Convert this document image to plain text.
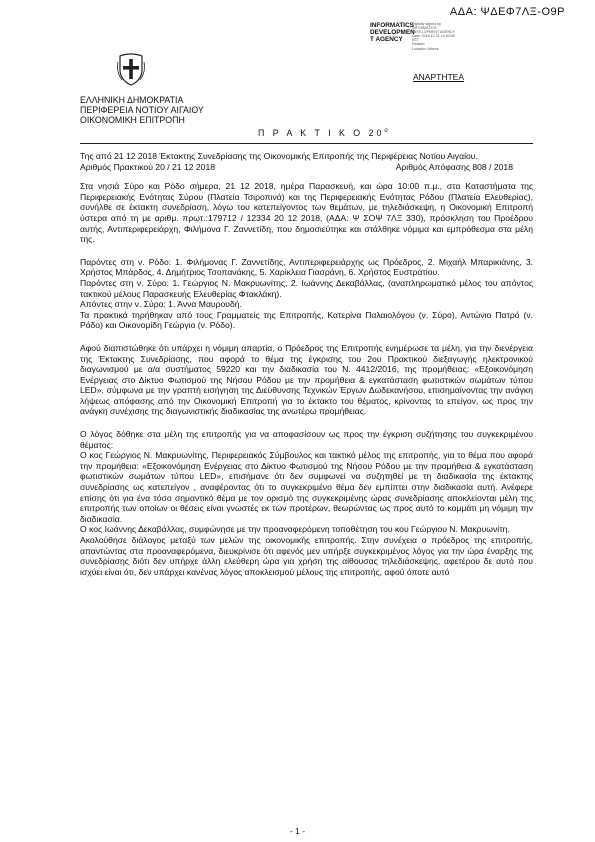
ΑΔΑ: ΨΔΕΦ7ΛΞ-Ο9Ρ
INFORMATICS
DEVELOPMEN
T AGENCY
Digitally signed by
INFORMATICS
DEVELOPMENT AGENCY
Date: 2018.12.31 14:30:08
EET
Reason:
Location: Athens
ΑΝΑΡΤΗΤΕΑ
ΕΛΛΗΝΙΚΗ ΔΗΜΟΚΡΑΤΙΑ
ΠΕΡΙΦΕΡΕΙΑ ΝΟΤΙΟΥ ΑΙΓΑΙΟΥ
ΟΙΚΟΝΟΜΙΚΗ ΕΠΙΤΡΟΠΗ
Π Ρ Α Κ Τ Ι Κ Ο $20^o$

Της από 21 12 2018 Έκτακτης Συνεδρίασης της Οικονομικής Επιτροπής της Περιφέρειας Νοτίου Αιγαίου.

Αριθμός Πρακτικού 20 / 21 12 2018	Αριθμός Απόφασης 808 / 2018

Στα νησιά Σύρο και Ρόδο σήμερα, 21 12 2018, ημέρα Παρασκευή, και ώρα 10:00 π.μ., στα Καταστήματα της Περιφερειακής Ενότητας Σύρου (Πλατεία Τσιροπινά) και της Περιφερειακής Ενότητας Ρόδου (Πλατεία Ελευθερίας), συνήλθε σε έκτακτη συνεδρίαση, λόγω του κατεπείγοντος των θεμάτων, με τηλεδιάσκεψη, η Οικονομική Επιτροπή ύστερα από τη με αριθμ. πρωτ.:179712 / 12334 20 12 2018, (ΑΔΑ: Ψ ΣΟΨ 7ΛΞ 330), πρόσκληση του Προέδρου αυτής, Αντιπεριφερειάρχη, Φιλήμονα Γ. Ζαννετίδη, που δημοσιεύτηκε και στάλθηκε νόμιμα και εμπρόθεσμα στα μέλη της.

Παρόντες στη ν. Ρόδο: 1. Φιλήμονας Γ. Ζαννετίδης, Αντιπεριφερειάρχης ως Πρόεδρος, 2. Μιχαήλ Μπαρικιάνης, 3. Χρήστος Μπάρδος, 4. Δημήτριος Τσοπανάκης, 5. Χαρίκλεια Γιασράνη, 6. Χρήστος Ευστρατίου.

Παρόντες στη ν. Σύρο: 1. Γεώργιος Ν. Μακρυωνίτης, 2. Ιωάννης Δεκαβάλλας, (αναπληρωματικό μέλος του απόντος τακτικού μέλους Παρασκευής Ελευθερίας Φτακλάκη).

Απόντες στην ν. Σύρο: 1. Άννα Μαυρουδή.

Τα πρακτικά τηρήθηκαν από τους Γραμματείς της Επιτροπής, Κατερίνα Παλαιολόγου (ν. Σύρο), Αντώνιο Πατρό (ν. Ρόδο) και Οικονομίδη Γεώργιο (ν. Ρόδο).

Αφού διαπιστώθηκε ότι υπάρχει η νόμιμη απαρτία, ο Πρόεδρος της Επιτροπής ενημέρωσε τα μέλη, για την διενέργεια της Έκτακτης Συνεδρίασης, που αφορά το θέμα της έγκρισης του 2ου Πρακτικού διεξαγωγής ηλεκτρονικού διαγωνισμού με α/α συστήματος 59220 και την διαδικασία του Ν. 4412/2016, της προμήθειας: «Εξοικονόμηση Ενέργειας στο Δίκτυο Φωτισμού της Νήσου Ρόδου με την προμήθεια & εγκατάσταση φωτιστικών σωμάτων τύπου LED», σύμφωνα με την γραπτή εισήγηση της Διεύθυνσης Τεχνικών Έργων Δωδεκανήσου, επισημαίνοντας την ανάγκη λήψεως απόφασης από την Οικονομική Επιτροπή για το έκτακτο του θέματος, κρίνοντας το επείγον, ως προς την ανάγκη συνέχισης της διαγωνιστικής διαδικασίας της ανωτέρω προμήθειας.

Ο λόγος δόθηκε στα μέλη της επιτροπής για να αποφασίσουν ως προς την έγκριση συζήτησης του συγκεκριμένου θέματος:

Ο κος Γεώργιος Ν. Μακρυωνίτης, Περιφερειακός Σύμβουλος και τακτικό μέλος της επιτροπής, για το θέμα που αφορά την προμήθεια: «Εξοικονόμηση Ενέργειας στο Δίκτυο Φωτισμού της Νήσου Ρόδου με την προμήθεια & εγκατάσταση φωτιστικών σωμάτων τύπου LED», επισήμανε ότι δεν συμφωνεί να συζητηθεί με τη διαδικασία της έκτακτης συνεδρίασης ως κατεπείγον , αναφέροντας ότι το συγκεκριμένο θέμα δεν εμπίπτει στην διαδικασία αυτή. Ανέφερε επίσης ότι για ένα τόσο σημαντικό θέμα με τον ορισμό της συγκεκριμένης ώρας συνεδρίασης αποκλείονται μέλη της επιτροπής των οποίων οι θέσεις είναι γνωστές εκ των προτέρων, θεωρώντας ως προς αυτό το κομμάτι μη νόμιμη την διαδικασία.

Ο κος Ιωάννης Δεκαβάλλας, συμφώνησε με την προαναφερόμενη τοποθέτηση του κου Γεώργιου Ν. Μακρυωνίτη.

Ακολούθησε διάλογος μεταξύ των μελών της οικονομικής επιτροπής. Στην συνέχεια ο πρόεδρος της επιτροπής, απαντώντας στα προαναφερόμενα, διευκρίνισε ότι αφενός μεν υπήρξε συγκεκριμένος λόγος για την ώρα έναρξης της συνεδρίασης διότι δεν υπήρχε άλλη ελεύθερη ώρα για χρήση της αίθουσας τηλεδιάσκεψης, αφετέρου δε αυτό που ισχύει είναι ότι, δεν υπάρχει κανένας λόγος αποκλεισμού μέλους της επιτροπής, αφού όποτε αυτό

- 1 -
